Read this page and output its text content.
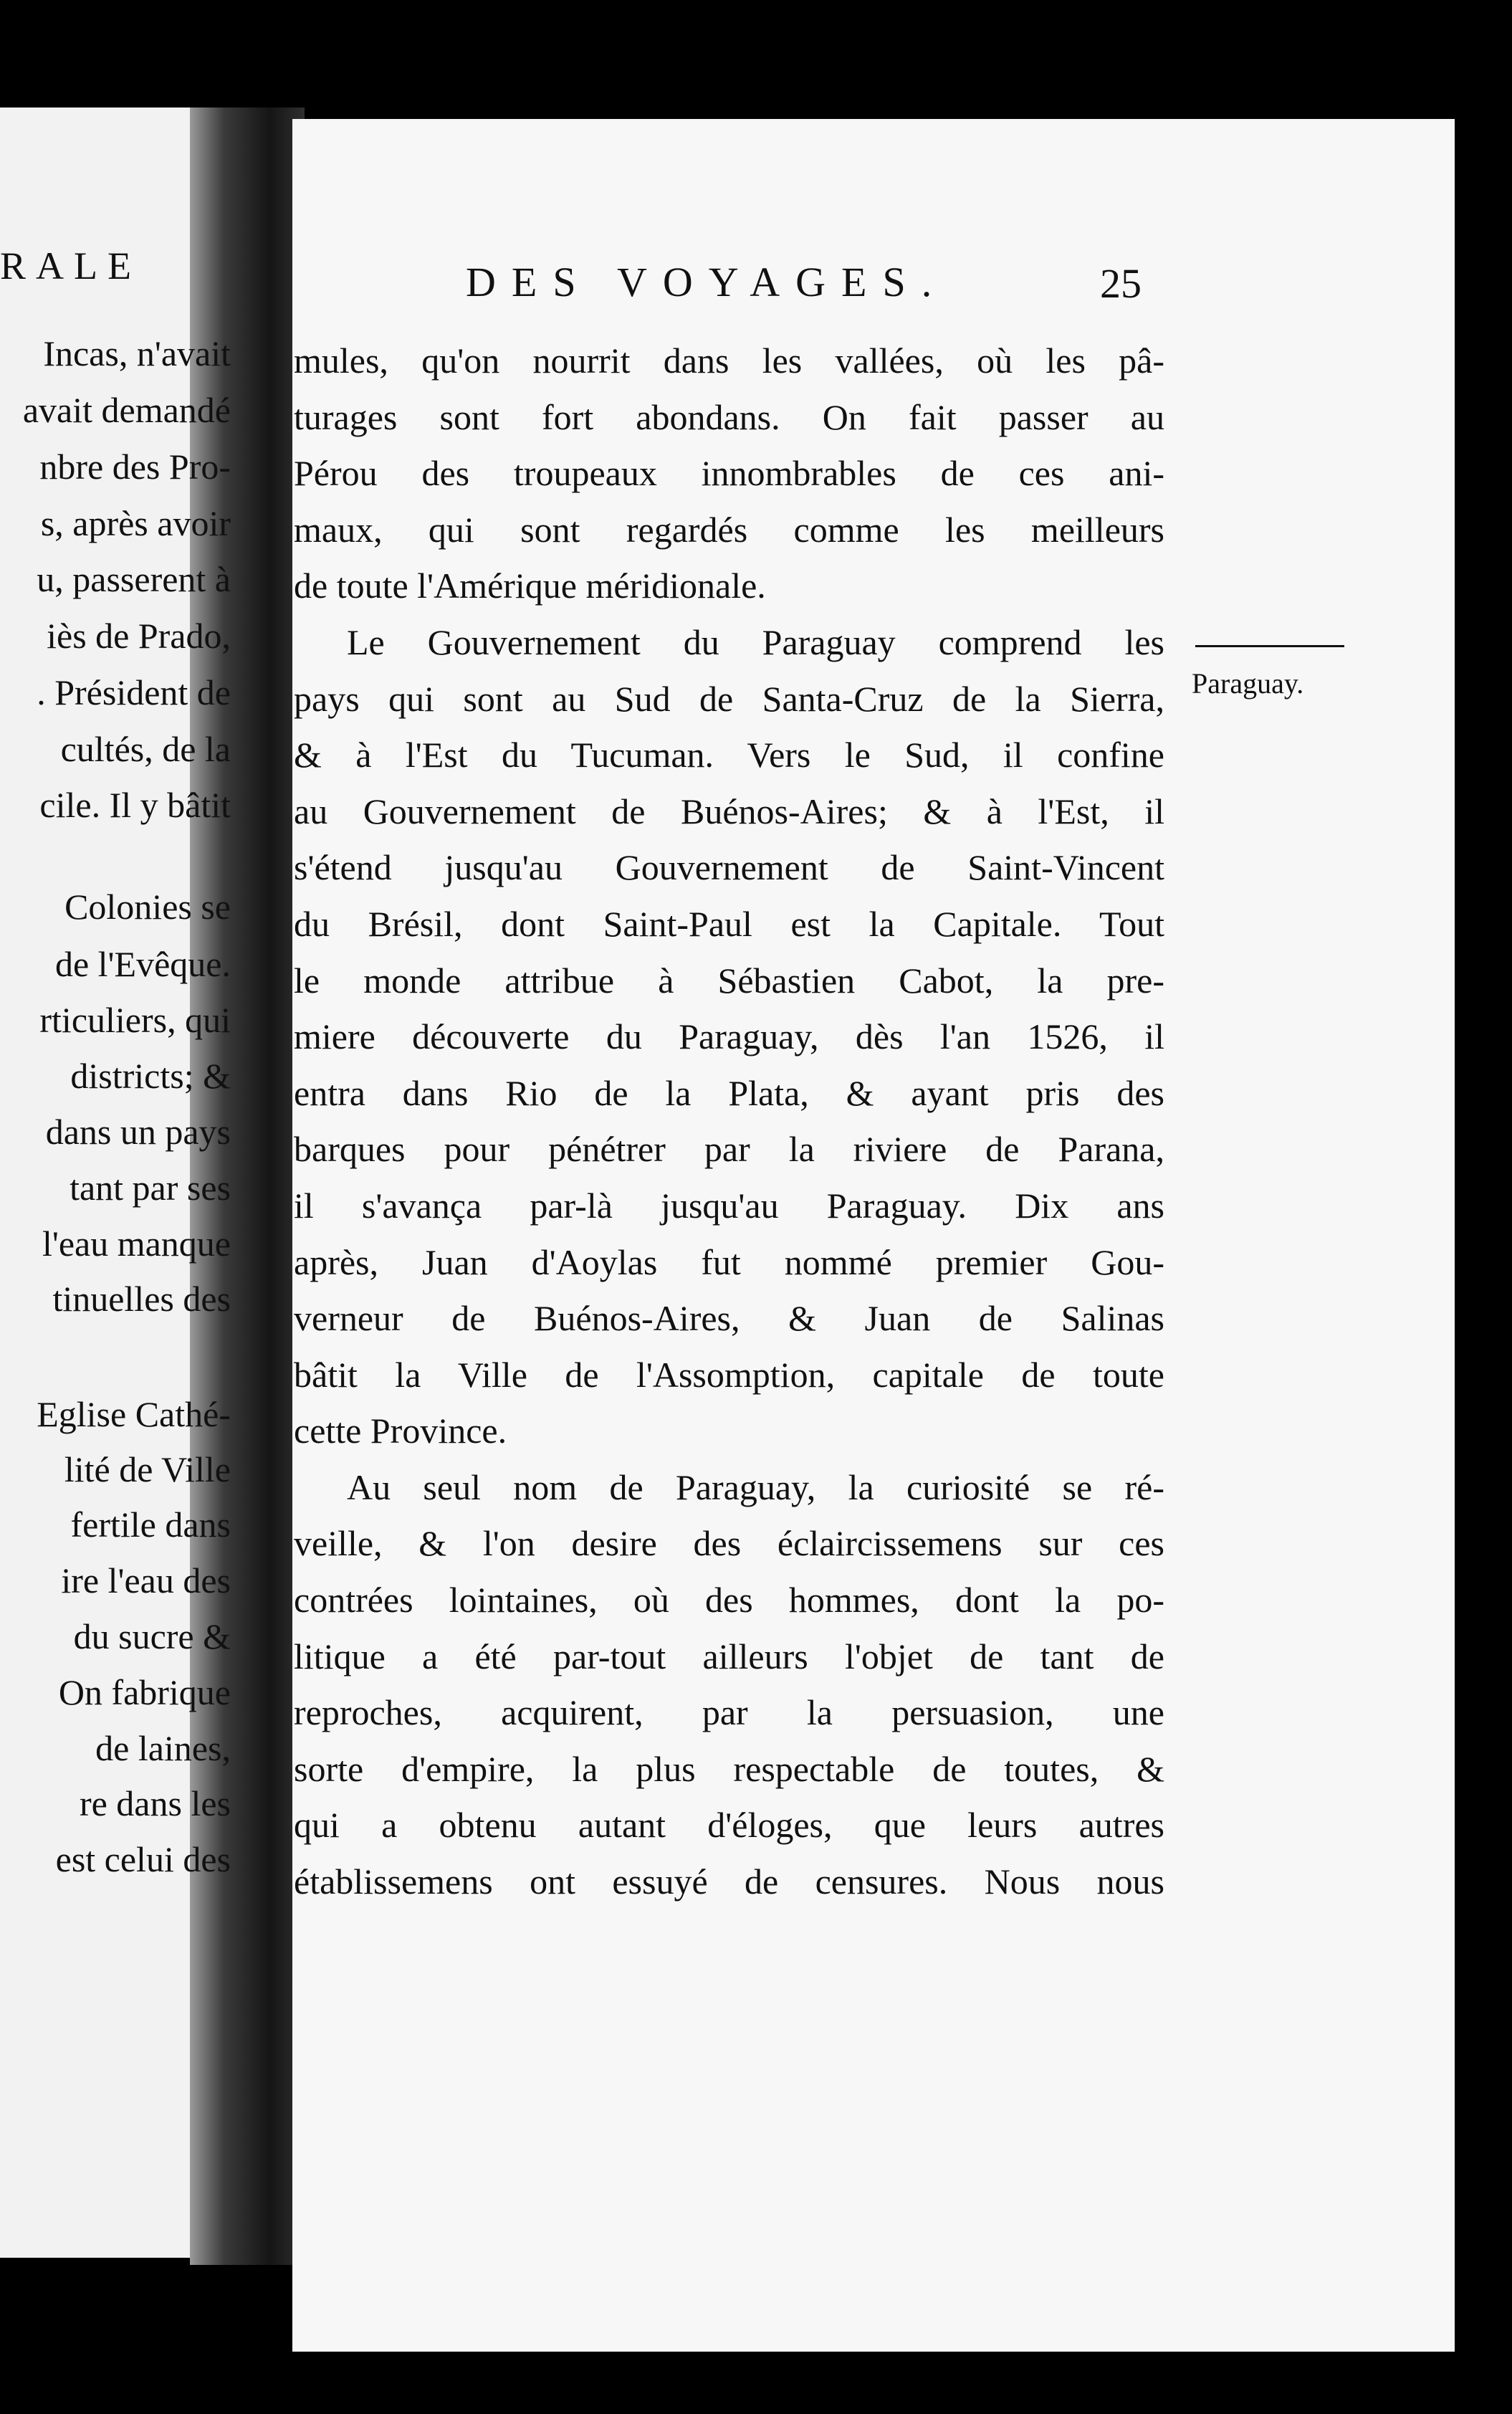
RALE
Incas, n'avait
avait demandé
nbre des Pro-
s, après avoir
u, passerent à
iès de Prado,
. Président de
cultés, de la
cile. Il y bâtit
Colonies se
de l'Evêque.
rticuliers, qui
districts; &
dans un pays
tant par ses
l'eau manque
tinuelles des
Eglise Cathé-
lité de Ville
fertile dans
ire l'eau des
du sucre &
On fabrique
de laines,
re dans les
est celui des
DES VOYAGES.	25
Paraguay.
mules, qu'on nourrit dans les vallées, où les pâ-
turages sont fort abondans. On fait passer au
Pérou des troupeaux innombrables de ces ani-
maux, qui sont regardés comme les meilleurs
de toute l'Amérique méridionale.
Le Gouvernement du Paraguay comprend les
pays qui sont au Sud de Santa-Cruz de la Sierra,
& à l'Est du Tucuman. Vers le Sud, il confine
au Gouvernement de Buénos-Aires; & à l'Est, il
s'étend jusqu'au Gouvernement de Saint-Vincent
du Brésil, dont Saint-Paul est la Capitale. Tout
le monde attribue à Sébastien Cabot, la pre-
miere découverte du Paraguay, dès l'an 1526, il
entra dans Rio de la Plata, & ayant pris des
barques pour pénétrer par la riviere de Parana,
il s'avança par-là jusqu'au Paraguay. Dix ans
après, Juan d'Aoylas fut nommé premier Gou-
verneur de Buénos-Aires, & Juan de Salinas
bâtit la Ville de l'Assomption, capitale de toute
cette Province.
Au seul nom de Paraguay, la curiosité se ré-
veille, & l'on desire des éclaircissemens sur ces
contrées lointaines, où des hommes, dont la po-
litique a été par-tout ailleurs l'objet de tant de
reproches, acquirent, par la persuasion, une
sorte d'empire, la plus respectable de toutes, &
qui a obtenu autant d'éloges, que leurs autres
établissemens ont essuyé de censures. Nous nous
